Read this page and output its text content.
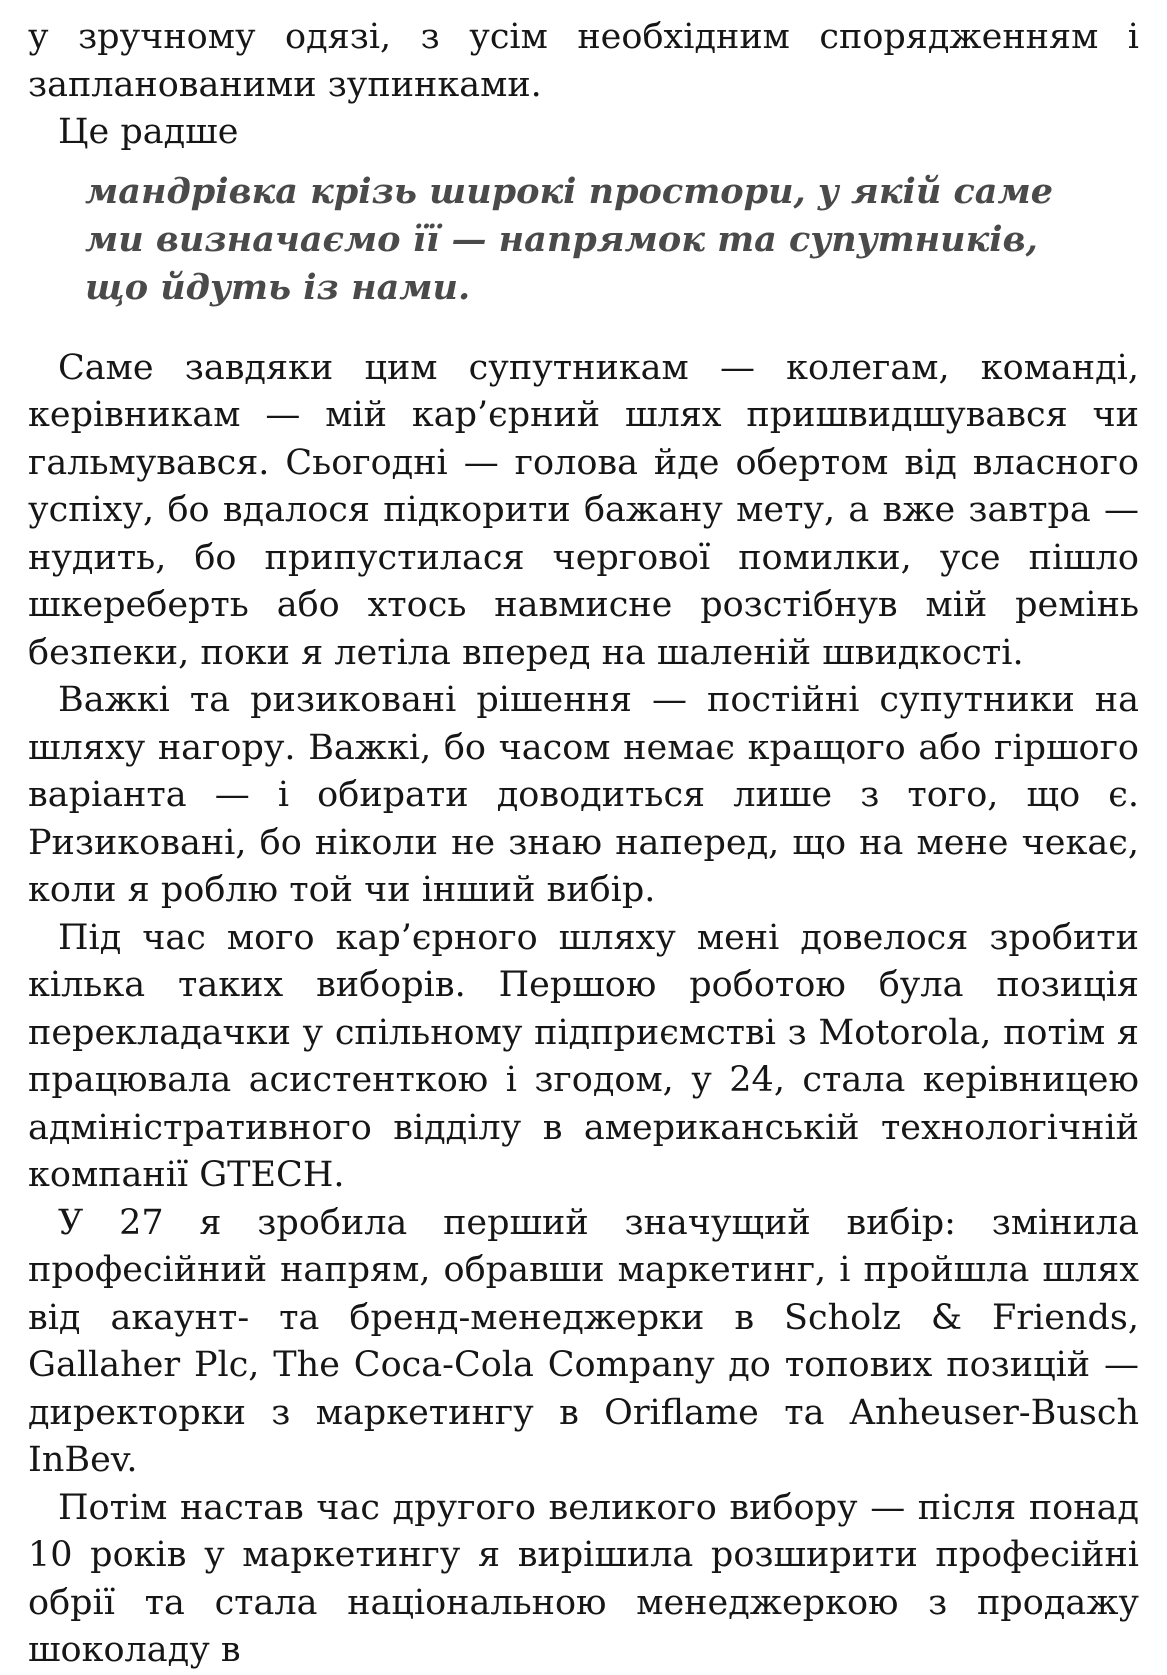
у зручному одязі, з усім необхідним спорядженням і запланованими зупинками.

Це радше

мандрівка крізь широкі простори, у якій саме ми визначаємо її — напрямок та супутників, що йдуть із нами.

Саме завдяки цим супутникам — колегам, команді, керівникам — мій кар’єрний шлях пришвидшувався чи гальмувався. Сьогодні — голова йде обертом від власного успіху, бо вдалося підкорити бажану мету, а вже завтра — нудить, бо припустилася чергової помилки, усе пішло шкереберть або хтось навмисне розстібнув мій ремінь безпеки, поки я летіла вперед на шаленій швидкості.

Важкі та ризиковані рішення — постійні супутники на шляху нагору. Важкі, бо часом немає кращого або гіршого варіанта — і обирати доводиться лише з того, що є. Ризиковані, бо ніколи не знаю наперед, що на мене чекає, коли я роблю той чи інший вибір.

Під час мого кар’єрного шляху мені довелося зробити кілька таких виборів. Першою роботою була позиція перекладачки у спільному підприємстві з Motorola, потім я працювала асистенткою і згодом, у 24, стала керівницею адміністративного відділу в американській технологічній компанії GTECH.

У 27 я зробила перший значущий вибір: змінила професійний напрям, обравши маркетинг, і пройшла шлях від акаунт- та бренд-менеджерки в Scholz & Friends, Gallaher Plc, The Coca-Cola Company до топових позицій — директорки з маркетингу в Oriflame та Anheuser-Busch InBev.

Потім настав час другого великого вибору — після понад 10 років у маркетингу я вирішила розширити професійні обрії та стала національною менеджеркою з продажу шоколаду в
